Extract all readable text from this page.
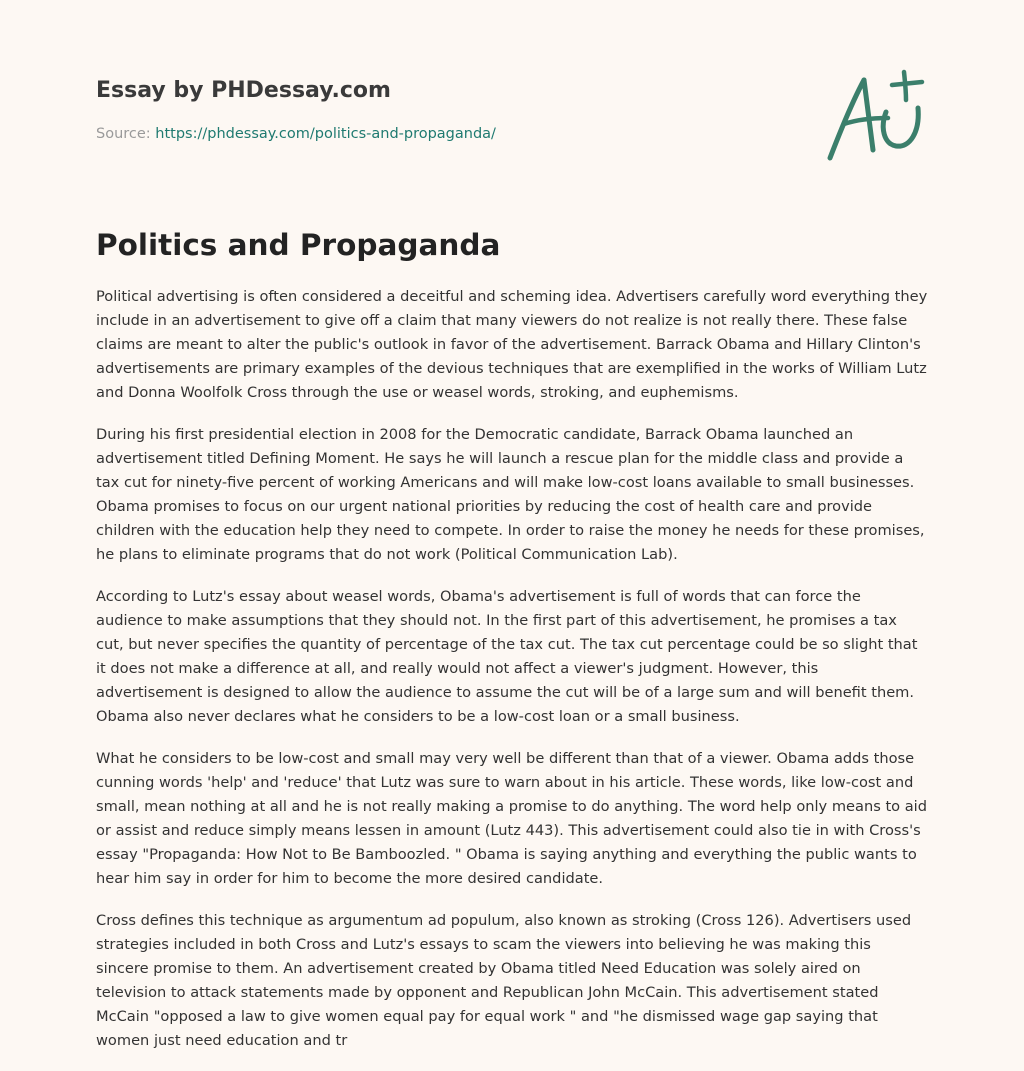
Essay by PHDessay.com
Source: https://phdessay.com/politics-and-propaganda/
Politics and Propaganda

Political advertising is often considered a deceitful and scheming idea. Advertisers carefully word everything they include in an advertisement to give off a claim that many viewers do not realize is not really there. These false claims are meant to alter the public's outlook in favor of the advertisement. Barrack Obama and Hillary Clinton's advertisements are primary examples of the devious techniques that are exemplified in the works of William Lutz and Donna Woolfolk Cross through the use or weasel words, stroking, and euphemisms.

During his first presidential election in 2008 for the Democratic candidate, Barrack Obama launched an advertisement titled Defining Moment. He says he will launch a rescue plan for the middle class and provide a tax cut for ninety-five percent of working Americans and will make low-cost loans available to small businesses. Obama promises to focus on our urgent national priorities by reducing the cost of health care and provide children with the education help they need to compete. In order to raise the money he needs for these promises, he plans to eliminate programs that do not work (Political Communication Lab).

According to Lutz's essay about weasel words, Obama's advertisement is full of words that can force the audience to make assumptions that they should not. In the first part of this advertisement, he promises a tax cut, but never specifies the quantity of percentage of the tax cut. The tax cut percentage could be so slight that it does not make a difference at all, and really would not affect a viewer's judgment. However, this advertisement is designed to allow the audience to assume the cut will be of a large sum and will benefit them. Obama also never declares what he considers to be a low-cost loan or a small business.

What he considers to be low-cost and small may very well be different than that of a viewer. Obama adds those cunning words 'help' and 'reduce' that Lutz was sure to warn about in his article. These words, like low-cost and small, mean nothing at all and he is not really making a promise to do anything. The word help only means to aid or assist and reduce simply means lessen in amount (Lutz 443). This advertisement could also tie in with Cross's essay "Propaganda: How Not to Be Bamboozled. " Obama is saying anything and everything the public wants to hear him say in order for him to become the more desired candidate.

Cross defines this technique as argumentum ad populum, also known as stroking (Cross 126). Advertisers used strategies included in both Cross and Lutz's essays to scam the viewers into believing he was making this sincere promise to them. An advertisement created by Obama titled Need Education was solely aired on television to attack statements made by opponent and Republican John McCain. This advertisement stated McCain "opposed a law to give women equal pay for equal work " and "he dismissed wage gap saying that women just need education and tr
